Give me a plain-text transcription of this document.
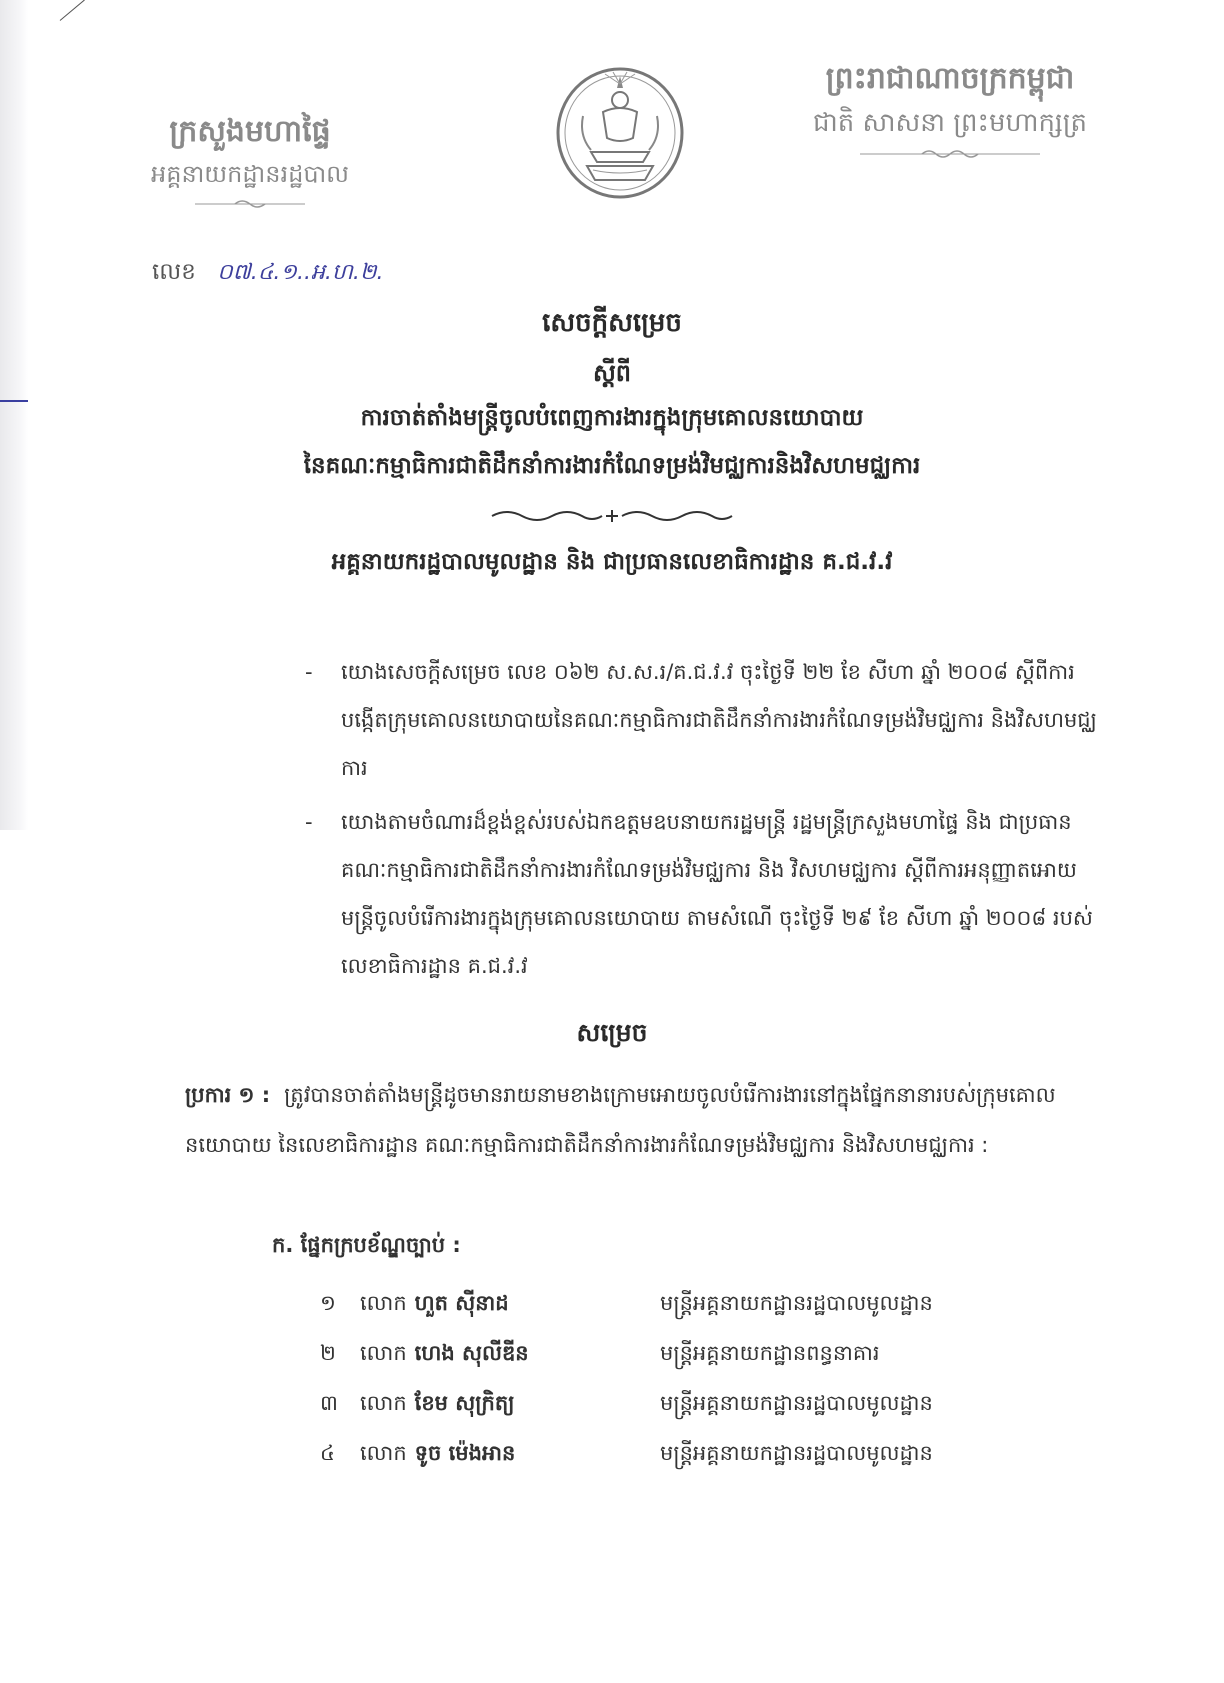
ក្រសួងមហាផ្ទៃ
អគ្គនាយកដ្ឋានរដ្ឋបាល
ព្រះរាជាណាចក្រកម្ពុជា
ជាតិ សាសនា ព្រះមហាក្សត្រ
លេខ ០៧.៤.១..អ.ហ.២.
សេចក្តីសម្រេច
ស្តីពី
ការចាត់តាំងមន្ត្រីចូលបំពេញការងារក្នុងក្រុមគោលនយោបាយ
នៃគណៈកម្មាធិការជាតិដឹកនាំការងារកំណែទម្រង់វិមជ្ឈការនិងវិសហមជ្ឈការ
អគ្គនាយករដ្ឋបាលមូលដ្ឋាន និង ជាប្រធានលេខាធិការដ្ឋាន គ.ជ.វ.វ
- យោងសេចក្តីសម្រេច លេខ ០៦២ ស.ស.រ/គ.ជ.វ.វ ចុះថ្ងៃទី ២២ ខែ សីហា ឆ្នាំ ២០០៨ ស្តីពីការបង្កើតក្រុមគោលនយោបាយនៃគណៈកម្មាធិការជាតិដឹកនាំការងារកំណែទម្រង់វិមជ្ឈការ និងវិសហមជ្ឈការ
- យោងតាមចំណារដ៏ខ្ពង់ខ្ពស់របស់ឯកឧត្តមឧបនាយករដ្ឋមន្ត្រី រដ្ឋមន្ត្រីក្រសួងមហាផ្ទៃ និង ជាប្រធានគណៈកម្មាធិការជាតិដឹកនាំការងារកំណែទម្រង់វិមជ្ឈការ និង វិសហមជ្ឈការ ស្តីពីការអនុញ្ញាតអោយមន្ត្រីចូលបំរើការងារក្នុងក្រុមគោលនយោបាយ តាមសំណើ ចុះថ្ងៃទី ២៩ ខែ សីហា ឆ្នាំ ២០០៨ របស់លេខាធិការដ្ឋាន គ.ជ.វ.វ
សម្រេច
ប្រការ ១ : ត្រូវបានចាត់តាំងមន្ត្រីដូចមានរាយនាមខាងក្រោមអោយចូលបំរើការងារនៅក្នុងផ្នែកនានារបស់ក្រុមគោលនយោបាយ នៃលេខាធិការដ្ឋាន គណៈកម្មាធិការជាតិដឹកនាំការងារកំណែទម្រង់វិមជ្ឈការ និងវិសហមជ្ឈការ :
ក. ផ្នែកក្របខ័ណ្ឌច្បាប់ :
១	លោក ហួត ស៊ីនាដ	មន្ត្រីអគ្គនាយកដ្ឋានរដ្ឋបាលមូលដ្ឋាន
២	លោក ហេង សុលីឌីន	មន្ត្រីអគ្គនាយកដ្ឋានពន្ធនាគារ
៣	លោក ខែម សុក្រិត្យ	មន្ត្រីអគ្គនាយកដ្ឋានរដ្ឋបាលមូលដ្ឋាន
៤	លោក ទូច ម៉េងអាន	មន្ត្រីអគ្គនាយកដ្ឋានរដ្ឋបាលមូលដ្ឋាន
